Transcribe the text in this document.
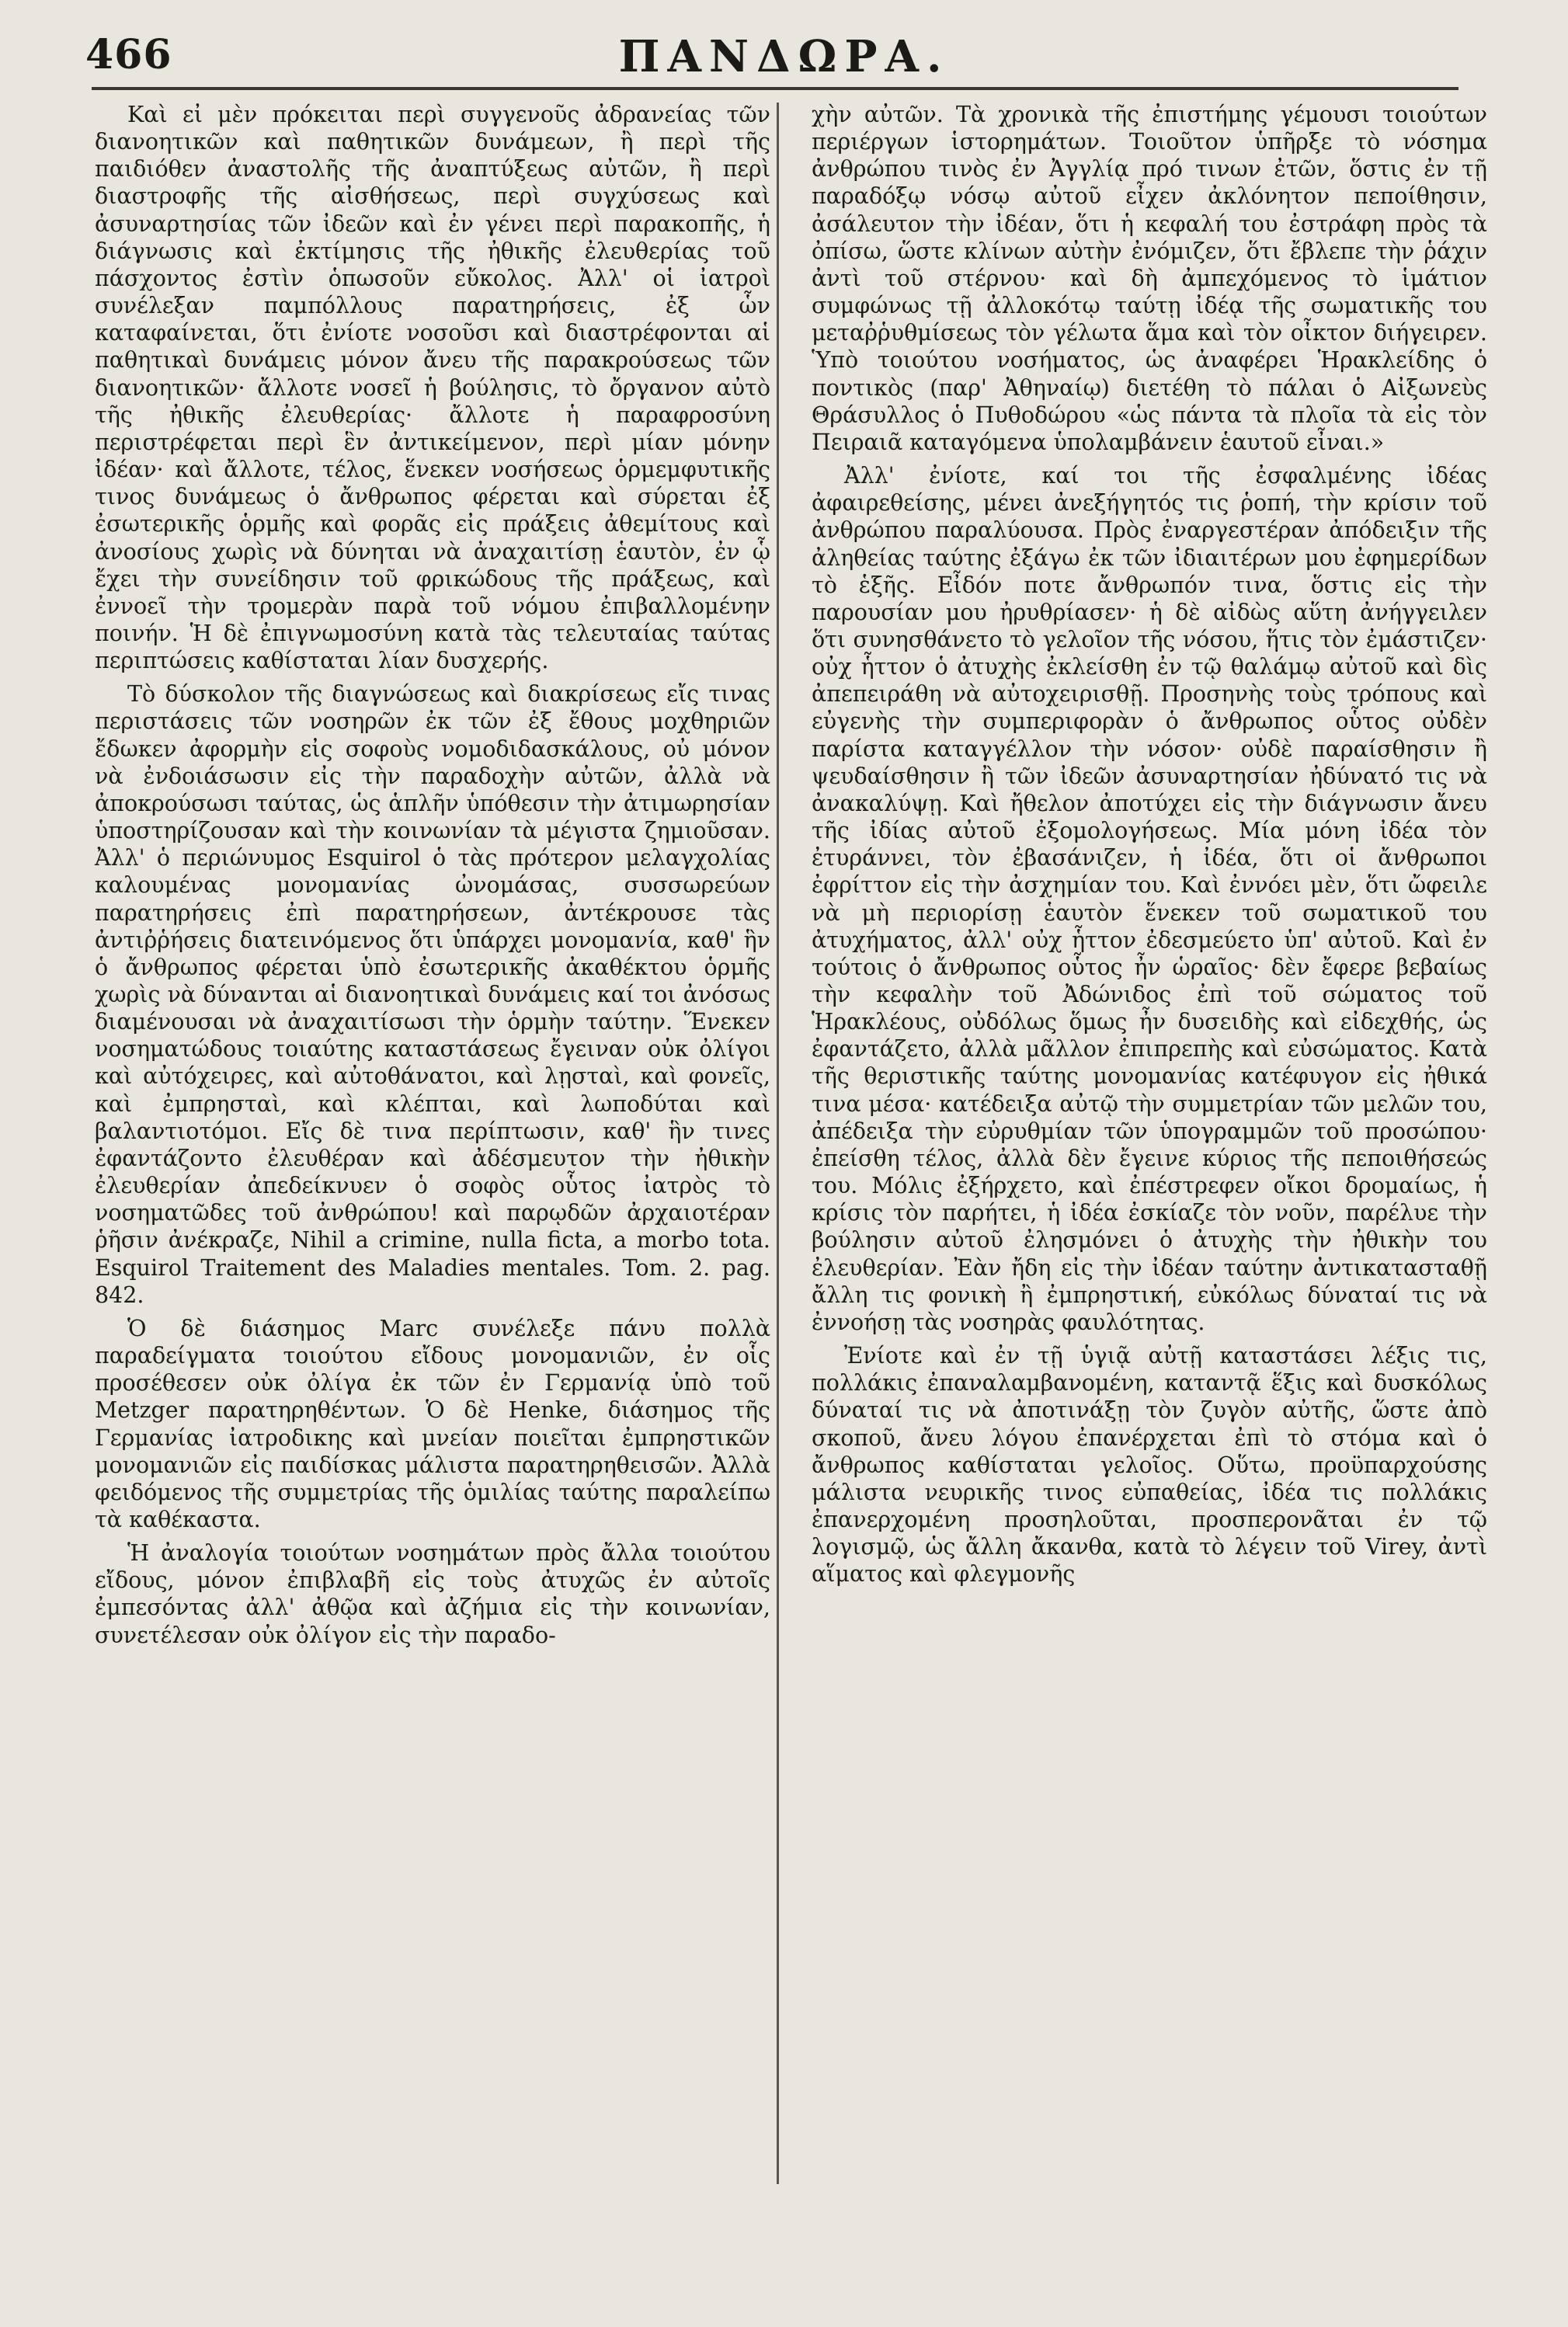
466	ΠΑΝΔΩΡΑ.

Καὶ εἰ μὲν πρόκειται περὶ συγγενοῦς ἀδρανείας τῶν διανοητικῶν καὶ παθητικῶν δυνάμεων, ἢ περὶ τῆς παιδιόθεν ἀναστολῆς τῆς ἀναπτύξεως αὐτῶν, ἢ περὶ διαστροφῆς τῆς αἰσθήσεως, περὶ συγχύσεως καὶ ἀσυναρτησίας τῶν ἰδεῶν καὶ ἐν γένει περὶ παρακοπῆς, ἡ διάγνωσις καὶ ἐκτίμησις τῆς ἠθικῆς ἐλευθερίας τοῦ πάσχοντος ἐστὶν ὁπωσοῦν εὔκολος. Ἀλλ' οἱ ἰατροὶ συνέλεξαν παμπόλλους παρατηρήσεις, ἐξ ὧν καταφαίνεται, ὅτι ἐνίοτε νοσοῦσι καὶ διαστρέφονται αἱ παθητικαὶ δυνάμεις μόνον ἄνευ τῆς παρακρούσεως τῶν διανοητικῶν· ἄλλοτε νοσεῖ ἡ βούλησις, τὸ ὄργανον αὐτὸ τῆς ἠθικῆς ἐλευθερίας· ἄλλοτε ἡ παραφροσύνη περιστρέφεται περὶ ἓν ἀντικείμενον, περὶ μίαν μόνην ἰδέαν· καὶ ἄλλοτε, τέλος, ἕνεκεν νοσήσεως ὁρμεμφυτικῆς τινος δυνάμεως ὁ ἄνθρωπος φέρεται καὶ σύρεται ἐξ ἐσωτερικῆς ὁρμῆς καὶ φορᾶς εἰς πράξεις ἀθεμίτους καὶ ἀνοσίους χωρὶς νὰ δύνηται νὰ ἀναχαιτίσῃ ἑαυτὸν, ἐν ᾧ ἔχει τὴν συνείδησιν τοῦ φρικώδους τῆς πράξεως, καὶ ἐννοεῖ τὴν τρομερὰν παρὰ τοῦ νόμου ἐπιβαλλομένην ποινήν. Ἡ δὲ ἐπιγνωμοσύνη κατὰ τὰς τελευταίας ταύτας περιπτώσεις καθίσταται λίαν δυσχερής.

Τὸ δύσκολον τῆς διαγνώσεως καὶ διακρίσεως εἴς τινας περιστάσεις τῶν νοσηρῶν ἐκ τῶν ἐξ ἔθους μοχθηριῶν ἔδωκεν ἀφορμὴν εἰς σοφοὺς νομοδιδασκάλους, οὐ μόνον νὰ ἐνδοιάσωσιν εἰς τὴν παραδοχὴν αὐτῶν, ἀλλὰ νὰ ἀποκρούσωσι ταύτας, ὡς ἁπλῆν ὑπόθεσιν τὴν ἀτιμωρησίαν ὑποστηρίζουσαν καὶ τὴν κοινωνίαν τὰ μέγιστα ζημιοῦσαν. Ἀλλ' ὁ περιώνυμος Esquirol ὁ τὰς πρότερον μελαγχολίας καλουμένας μονομανίας ὠνομάσας, συσσωρεύων παρατηρήσεις ἐπὶ παρατηρήσεων, ἀντέκρουσε τὰς ἀντιῤῥήσεις διατεινόμενος ὅτι ὑπάρχει μονομανία, καθ' ἣν ὁ ἄνθρωπος φέρεται ὑπὸ ἐσωτερικῆς ἀκαθέκτου ὁρμῆς χωρὶς νὰ δύνανται αἱ διανοητικαὶ δυνάμεις καί τοι ἀνόσως διαμένουσαι νὰ ἀναχαιτίσωσι τὴν ὁρμὴν ταύτην. Ἕνεκεν νοσηματώδους τοιαύτης καταστάσεως ἔγειναν οὐκ ὀλίγοι καὶ αὐτόχειρες, καὶ αὐτοθάνατοι, καὶ λῃσταὶ, καὶ φονεῖς, καὶ ἐμπρησταὶ, καὶ κλέπται, καὶ λωποδύται καὶ βαλαντιοτόμοι. Εἴς δὲ τινα περίπτωσιν, καθ' ἣν τινες ἐφαντάζοντο ἐλευθέραν καὶ ἀδέσμευτον τὴν ἠθικὴν ἐλευθερίαν ἀπεδείκνυεν ὁ σοφὸς οὗτος ἰατρὸς τὸ νοσηματῶδες τοῦ ἀνθρώπου! καὶ παρῳδῶν ἀρχαιοτέραν ῥῆσιν ἀνέκραζε, Nihil a crimine, nulla ficta, a morbo tota. Esquirol Traitement des Maladies mentales. Tom. 2. pag. 842.

Ὁ δὲ διάσημος Marc συνέλεξε πάνυ πολλὰ παραδείγματα τοιούτου εἴδους μονομανιῶν, ἐν οἷς προσέθεσεν οὐκ ὀλίγα ἐκ τῶν ἐν Γερμανίᾳ ὑπὸ τοῦ Metzger παρατηρηθέντων. Ὁ δὲ Henke, διάσημος τῆς Γερμανίας ἰατροδικης καὶ μνείαν ποιεῖται ἐμπρηστικῶν μονομανιῶν εἰς παιδίσκας μάλιστα παρατηρηθεισῶν. Ἀλλὰ φειδόμενος τῆς συμμετρίας τῆς ὁμιλίας ταύτης παραλείπω τὰ καθέκαστα.

Ἡ ἀναλογία τοιούτων νοσημάτων πρὸς ἄλλα τοιούτου εἴδους, μόνον ἐπιβλαβῆ εἰς τοὺς ἀτυχῶς ἐν αὐτοῖς ἐμπεσόντας ἀλλ' ἀθῷα καὶ ἀζήμια εἰς τὴν κοινωνίαν, συνετέλεσαν οὐκ ὀλίγον εἰς τὴν παραδο-

χὴν αὐτῶν. Τὰ χρονικὰ τῆς ἐπιστήμης γέμουσι τοιούτων περιέργων ἱστορημάτων. Τοιοῦτον ὑπῆρξε τὸ νόσημα ἀνθρώπου τινὸς ἐν Ἀγγλίᾳ πρό τινων ἐτῶν, ὅστις ἐν τῇ παραδόξῳ νόσῳ αὐτοῦ εἶχεν ἀκλόνητον πεποίθησιν, ἀσάλευτον τὴν ἰδέαν, ὅτι ἡ κεφαλή του ἐστράφη πρὸς τὰ ὀπίσω, ὥστε κλίνων αὐτὴν ἐνόμιζεν, ὅτι ἔβλεπε τὴν ῥάχιν ἀντὶ τοῦ στέρνου· καὶ δὴ ἀμπεχόμενος τὸ ἱμάτιον συμφώνως τῇ ἀλλοκότῳ ταύτῃ ἰδέᾳ τῆς σωματικῆς του μεταῤῥυθμίσεως τὸν γέλωτα ἅμα καὶ τὸν οἶκτον διήγειρεν. Ὑπὸ τοιούτου νοσήματος, ὡς ἀναφέρει Ἡρακλείδης ὁ ποντικὸς (παρ' Ἀθηναίῳ) διετέθη τὸ πάλαι ὁ Αἰξωνεὺς Θράσυλλος ὁ Πυθοδώρου «ὡς πάντα τὰ πλοῖα τὰ εἰς τὸν Πειραιᾶ καταγόμενα ὑπολαμβάνειν ἑαυτοῦ εἶναι.»

Ἀλλ' ἐνίοτε, καί τοι τῆς ἐσφαλμένης ἰδέας ἀφαιρεθείσης, μένει ἀνεξήγητός τις ῥοπή, τὴν κρίσιν τοῦ ἀνθρώπου παραλύουσα. Πρὸς ἐναργεστέραν ἀπόδειξιν τῆς ἀληθείας ταύτης ἐξάγω ἐκ τῶν ἰδιαιτέρων μου ἐφημερίδων τὸ ἑξῆς. Εἶδόν ποτε ἄνθρωπόν τινα, ὅστις εἰς τὴν παρουσίαν μου ἠρυθρίασεν· ἡ δὲ αἰδὼς αὕτη ἀνήγγειλεν ὅτι συνησθάνετο τὸ γελοῖον τῆς νόσου, ἥτις τὸν ἐμάστιζεν· οὐχ ἧττον ὁ ἀτυχὴς ἐκλείσθη ἐν τῷ θαλάμῳ αὐτοῦ καὶ δὶς ἀπεπειράθη νὰ αὐτοχειρισθῇ. Προσηνὴς τοὺς τρόπους καὶ εὐγενὴς τὴν συμπεριφορὰν ὁ ἄνθρωπος οὗτος οὐδὲν παρίστα καταγγέλλον τὴν νόσον· οὐδὲ παραίσθησιν ἢ ψευδαίσθησιν ἢ τῶν ἰδεῶν ἀσυναρτησίαν ἠδύνατό τις νὰ ἀνακαλύψῃ. Καὶ ἤθελον ἀποτύχει εἰς τὴν διάγνωσιν ἄνευ τῆς ἰδίας αὐτοῦ ἐξομολογήσεως. Μία μόνη ἰδέα τὸν ἐτυράννει, τὸν ἐβασάνιζεν, ἡ ἰδέα, ὅτι οἱ ἄνθρωποι ἐφρίττον εἰς τὴν ἀσχημίαν του. Καὶ ἐννόει μὲν, ὅτι ὤφειλε νὰ μὴ περιορίσῃ ἑαυτὸν ἕνεκεν τοῦ σωματικοῦ του ἀτυχήματος, ἀλλ' οὐχ ἧττον ἐδεσμεύετο ὑπ' αὐτοῦ. Καὶ ἐν τούτοις ὁ ἄνθρωπος οὗτος ἦν ὡραῖος· δὲν ἔφερε βεβαίως τὴν κεφαλὴν τοῦ Ἀδώνιδος ἐπὶ τοῦ σώματος τοῦ Ἡρακλέους, οὐδόλως ὅμως ἦν δυσειδὴς καὶ εἰδεχθής, ὡς ἐφαντάζετο, ἀλλὰ μᾶλλον ἐπιπρεπὴς καὶ εὐσώματος. Κατὰ τῆς θεριστικῆς ταύτης μονομανίας κατέφυγον εἰς ἠθικά τινα μέσα· κατέδειξα αὐτῷ τὴν συμμετρίαν τῶν μελῶν του, ἀπέδειξα τὴν εὐρυθμίαν τῶν ὑπογραμμῶν τοῦ προσώπου· ἐπείσθη τέλος, ἀλλὰ δὲν ἔγεινε κύριος τῆς πεποιθήσεώς του. Μόλις ἐξήρχετο, καὶ ἐπέστρεφεν οἴκοι δρομαίως, ἡ κρίσις τὸν παρήτει, ἡ ἰδέα ἐσκίαζε τὸν νοῦν, παρέλυε τὴν βούλησιν αὐτοῦ ἐλησμόνει ὁ ἀτυχὴς τὴν ἠθικὴν του ἐλευθερίαν. Ἐὰν ἤδη εἰς τὴν ἰδέαν ταύτην ἀντικατασταθῇ ἄλλη τις φονικὴ ἢ ἐμπρηστική, εὐκόλως δύναταί τις νὰ ἐννοήσῃ τὰς νοσηρὰς φαυλότητας.

Ἐνίοτε καὶ ἐν τῇ ὑγιᾷ αὐτῇ καταστάσει λέξις τις, πολλάκις ἐπαναλαμβανομένη, καταντᾷ ἕξις καὶ δυσκόλως δύναταί τις νὰ ἀποτινάξῃ τὸν ζυγὸν αὐτῆς, ὥστε ἀπὸ σκοποῦ, ἄνευ λόγου ἐπανέρχεται ἐπὶ τὸ στόμα καὶ ὁ ἄνθρωπος καθίσταται γελοῖος. Οὕτω, προϋπαρχούσης μάλιστα νευρικῆς τινος εὐπαθείας, ἰδέα τις πολλάκις ἐπανερχομένη προσηλοῦται, προσπερονᾶται ἐν τῷ λογισμῷ, ὡς ἄλλη ἄκανθα, κατὰ τὸ λέγειν τοῦ Virey, ἀντὶ αἵματος καὶ φλεγμονῆς
